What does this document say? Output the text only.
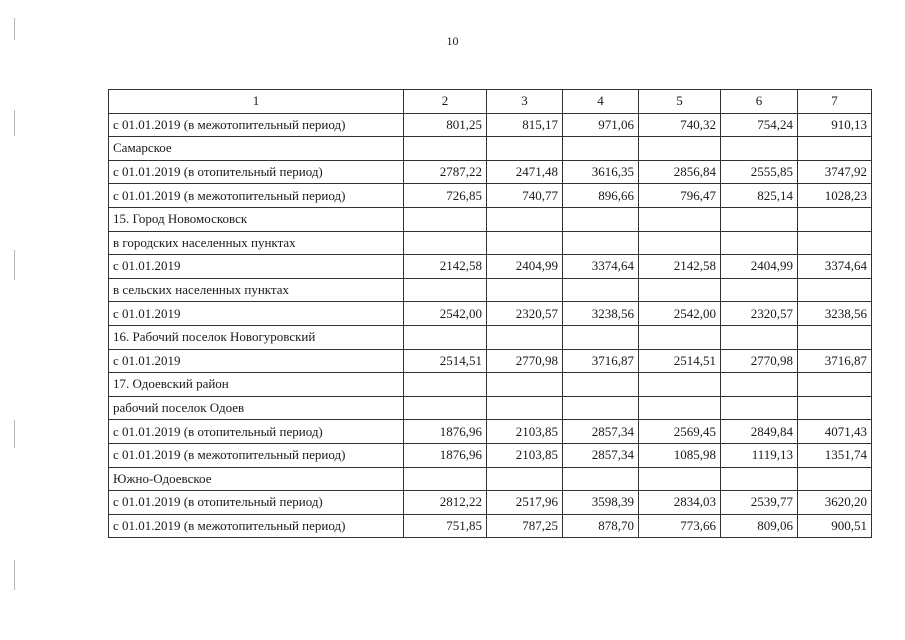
10
1	2	3	4	5	6	7
с 01.01.2019 (в межотопительный период)	801,25	815,17	971,06	740,32	754,24	910,13
Самарское						
с 01.01.2019 (в отопительный период)	2787,22	2471,48	3616,35	2856,84	2555,85	3747,92
с 01.01.2019 (в межотопительный период)	726,85	740,77	896,66	796,47	825,14	1028,23
15. Город Новомосковск						
в городских населенных пунктах						
с 01.01.2019	2142,58	2404,99	3374,64	2142,58	2404,99	3374,64
в сельских населенных пунктах						
с 01.01.2019	2542,00	2320,57	3238,56	2542,00	2320,57	3238,56
16. Рабочий поселок Новогуровский						
с 01.01.2019	2514,51	2770,98	3716,87	2514,51	2770,98	3716,87
17. Одоевский район						
рабочий поселок Одоев						
с 01.01.2019 (в отопительный период)	1876,96	2103,85	2857,34	2569,45	2849,84	4071,43
с 01.01.2019 (в межотопительный период)	1876,96	2103,85	2857,34	1085,98	1119,13	1351,74
Южно-Одоевское						
с 01.01.2019 (в отопительный период)	2812,22	2517,96	3598,39	2834,03	2539,77	3620,20
с 01.01.2019 (в межотопительный период)	751,85	787,25	878,70	773,66	809,06	900,51
